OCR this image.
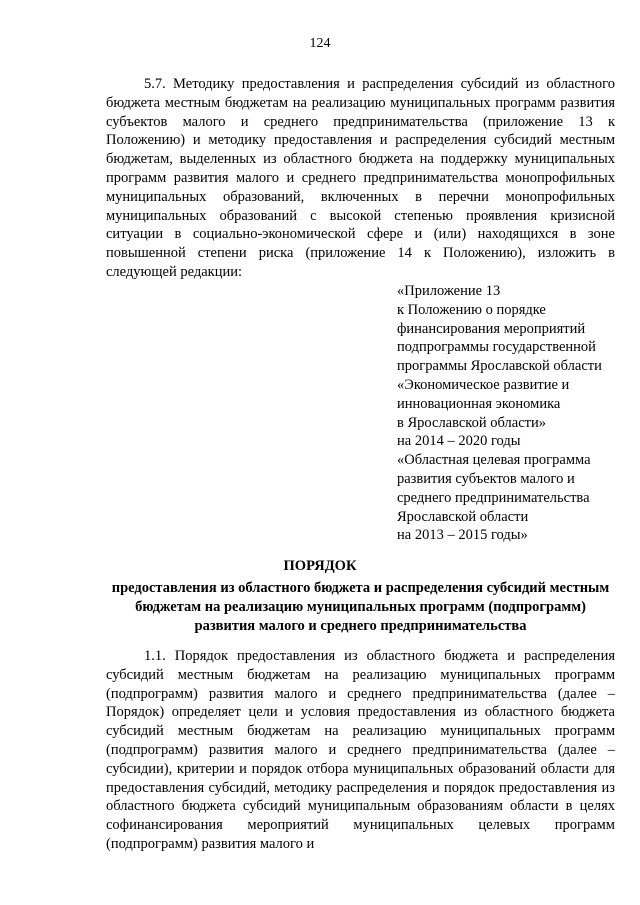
124
5.7. Методику предоставления и распределения субсидий из областного бюджета местным бюджетам на реализацию муниципальных программ развития субъектов малого и среднего предпринимательства (приложение 13 к Положению) и методику предоставления и распределения субсидий местным бюджетам, выделенных из областного бюджета на поддержку муниципальных программ развития малого и среднего предпринимательства монопрофильных муниципальных образований, включенных в перечни монопрофильных муниципальных образований с высокой степенью проявления кризисной ситуации в социально-экономической сфере и (или) находящихся в зоне повышенной степени риска (приложение 14 к Положению), изложить в следующей редакции:
«Приложение 13
к Положению о порядке
финансирования мероприятий
подпрограммы государственной
программы Ярославской области
«Экономическое развитие и
инновационная экономика
в Ярославской области»
на 2014 – 2020 годы
«Областная целевая программа
развития субъектов малого и
среднего предпринимательства
Ярославской области
на 2013 – 2015 годы»
ПОРЯДОК
предоставления из областного бюджета и распределения субсидий местным бюджетам на реализацию муниципальных программ (подпрограмм) развития малого и среднего предпринимательства
1.1. Порядок предоставления из областного бюджета и распределения субсидий местным бюджетам на реализацию муниципальных программ (подпрограмм) развития малого и среднего предпринимательства (далее – Порядок) определяет цели и условия предоставления из областного бюджета субсидий местным бюджетам на реализацию муниципальных программ (подпрограмм) развития малого и среднего предпринимательства (далее – субсидии), критерии и порядок отбора муниципальных образований области для предоставления субсидий, методику распределения и порядок предоставления из областного бюджета субсидий муниципальным образованиям области в целях софинансирования мероприятий муниципальных целевых программ (подпрограмм) развития малого и
